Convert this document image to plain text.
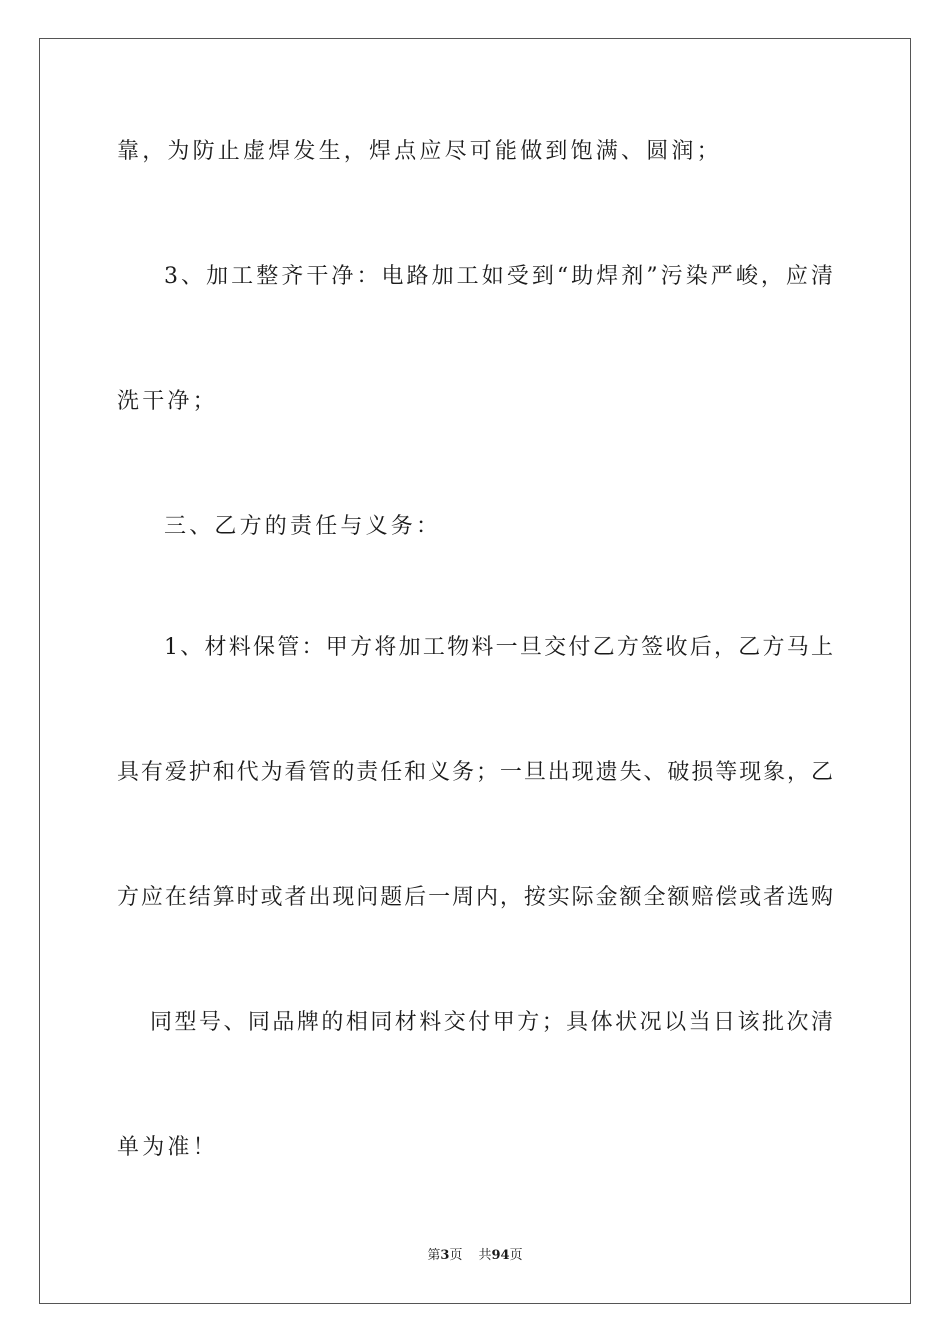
靠，为防止虚焊发生，焊点应尽可能做到饱满、圆润；
3、加工整齐干净：电路加工如受到“助焊剂”污染严峻，应清
洗干净；
三、乙方的责任与义务：
1、材料保管：甲方将加工物料一旦交付乙方签收后，乙方马上
具有爱护和代为看管的责任和义务；一旦出现遗失、破损等现象，乙
方应在结算时或者出现问题后一周内，按实际金额全额赔偿或者选购
同型号、同品牌的相同材料交付甲方；具体状况以当日该批次清
单为准！
第3页 共94页
